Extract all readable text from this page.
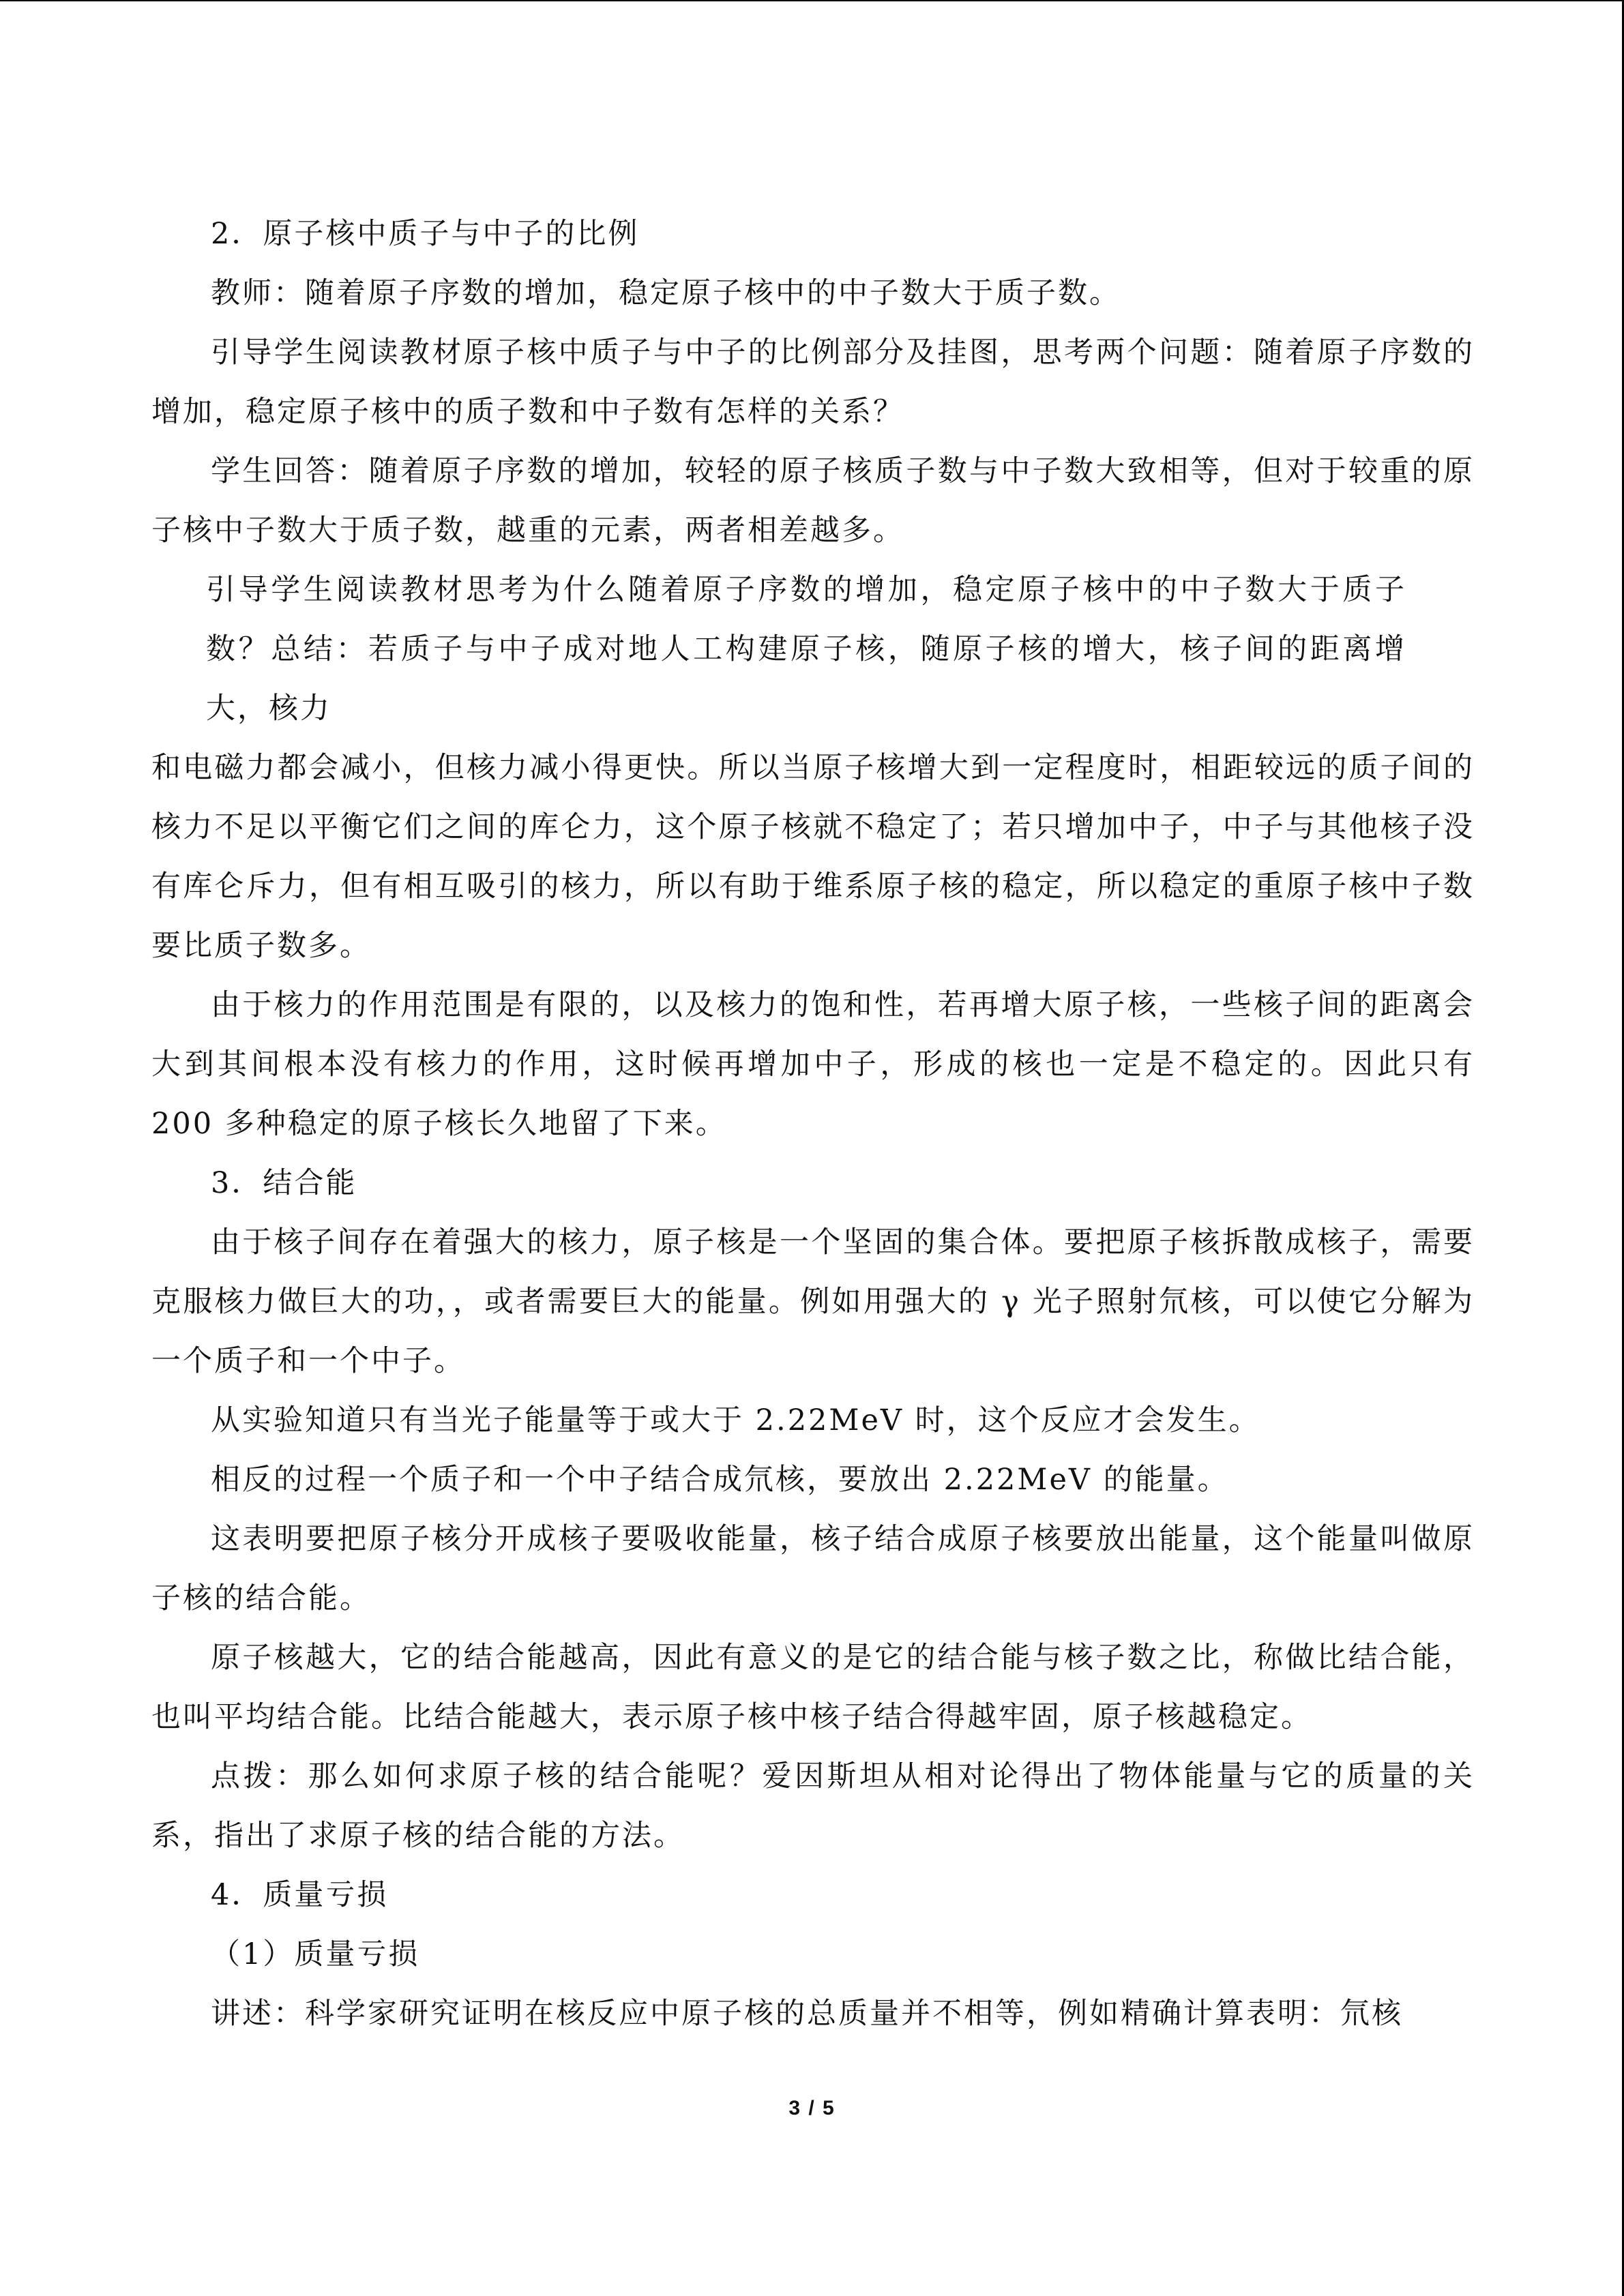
2．原子核中质子与中子的比例

教师：随着原子序数的增加，稳定原子核中的中子数大于质子数。

引导学生阅读教材原子核中质子与中子的比例部分及挂图，思考两个问题：随着原子序数的增加，稳定原子核中的质子数和中子数有怎样的关系？

学生回答：随着原子序数的增加，较轻的原子核质子数与中子数大致相等，但对于较重的原子核中子数大于质子数，越重的元素，两者相差越多。

引导学生阅读教材思考为什么随着原子序数的增加，稳定原子核中的中子数大于质子数？总结：若质子与中子成对地人工构建原子核，随原子核的增大，核子间的距离增大，核力

和电磁力都会减小，但核力减小得更快。所以当原子核增大到一定程度时，相距较远的质子间的核力不足以平衡它们之间的库仑力，这个原子核就不稳定了；若只增加中子，中子与其他核子没有库仑斥力，但有相互吸引的核力，所以有助于维系原子核的稳定，所以稳定的重原子核中子数要比质子数多。

由于核力的作用范围是有限的，以及核力的饱和性，若再增大原子核，一些核子间的距离会大到其间根本没有核力的作用，这时候再增加中子，形成的核也一定是不稳定的。因此只有 200 多种稳定的原子核长久地留了下来。

3．结合能

由于核子间存在着强大的核力，原子核是一个坚固的集合体。要把原子核拆散成核子，需要克服核力做巨大的功，，或者需要巨大的能量。例如用强大的 γ 光子照射氘核，可以使它分解为一个质子和一个中子。

从实验知道只有当光子能量等于或大于 2.22MeV 时，这个反应才会发生。

相反的过程一个质子和一个中子结合成氘核，要放出 2.22MeV 的能量。

这表明要把原子核分开成核子要吸收能量，核子结合成原子核要放出能量，这个能量叫做原子核的结合能。

原子核越大，它的结合能越高，因此有意义的是它的结合能与核子数之比，称做比结合能，也叫平均结合能。比结合能越大，表示原子核中核子结合得越牢固，原子核越稳定。

点拨：那么如何求原子核的结合能呢？爱因斯坦从相对论得出了物体能量与它的质量的关系，指出了求原子核的结合能的方法。

4．质量亏损

（1）质量亏损

讲述：科学家研究证明在核反应中原子核的总质量并不相等，例如精确计算表明：氘核

3 / 5
